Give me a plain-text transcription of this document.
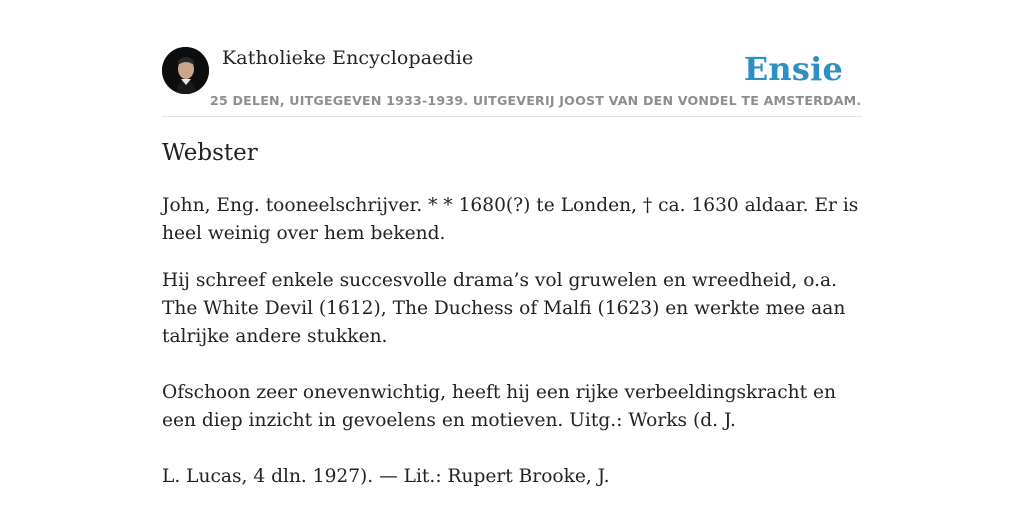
Katholieke Encyclopaedie	Ensie
25 DELEN, UITGEGEVEN 1933-1939. UITGEVERIJ JOOST VAN DEN VONDEL TE AMSTERDAM.
Webster

John, Eng. tooneelschrijver. * * 1680(?) te Londen, † ca. 1630 aldaar. Er is heel weinig over hem bekend.

Hij schreef enkele succesvolle drama’s vol gruwelen en wreedheid, o.a. The White Devil (1612), The Duchess of Malfi (1623) en werkte mee aan talrijke andere stukken.

Ofschoon zeer onevenwichtig, heeft hij een rijke verbeeldingskracht en een diep inzicht in gevoelens en motieven. Uitg.: Works (d. J.

L. Lucas, 4 dln. 1927). — Lit.: Rupert Brooke, J.
